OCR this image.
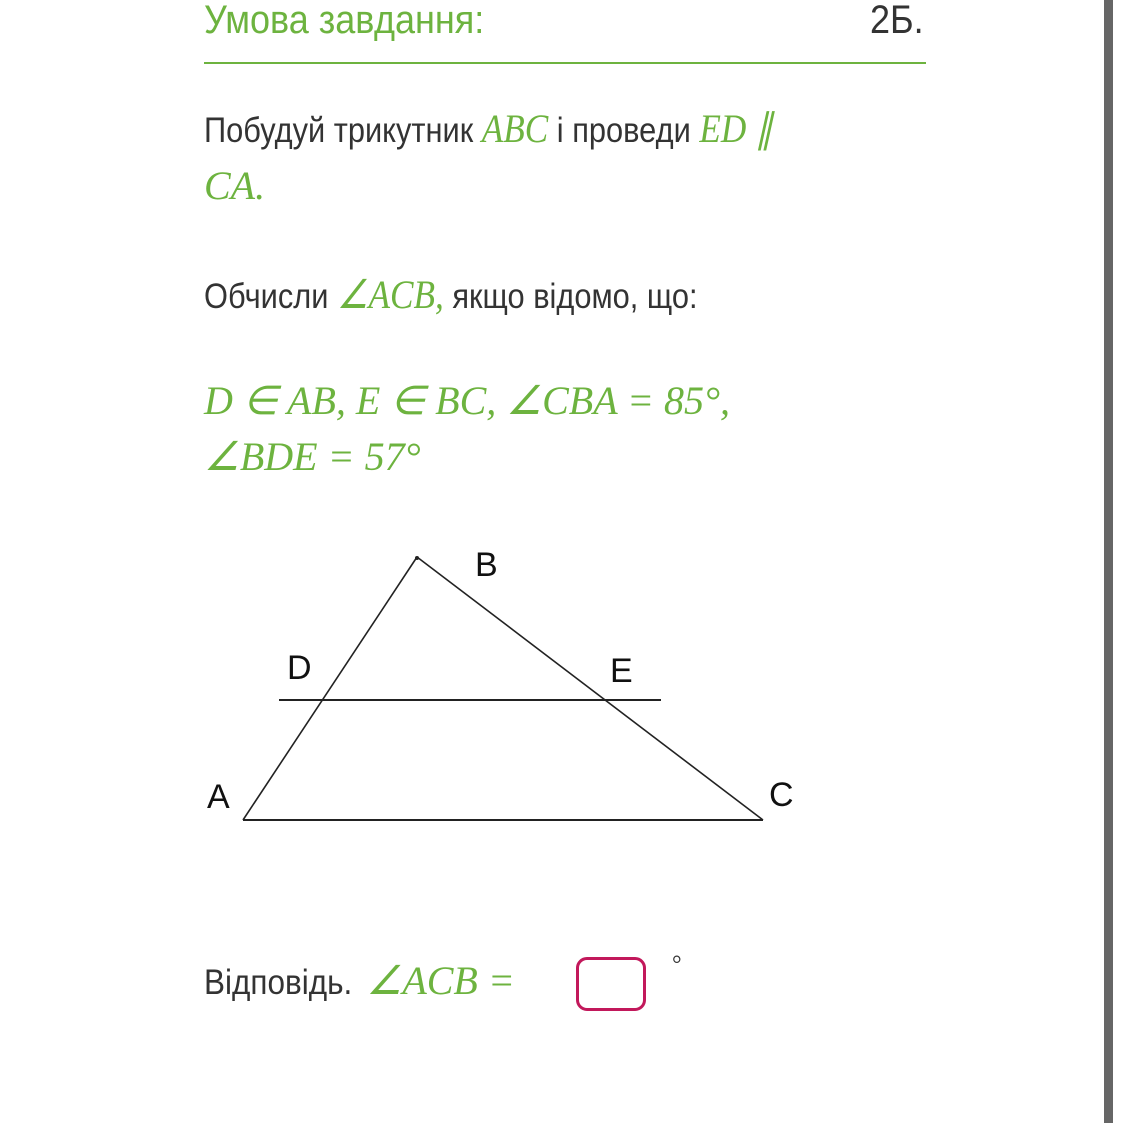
Умова завдання:	2Б.
Побудуй трикутник ABC і проведи ED ∥
CA.
Обчисли ∠ACB, якщо відомо, що:
D ∈ AB, E ∈ BC, ∠CBA = 85°,
∠BDE = 57°
B
D	E
A	C
Відповідь. ∠ACB =	°
